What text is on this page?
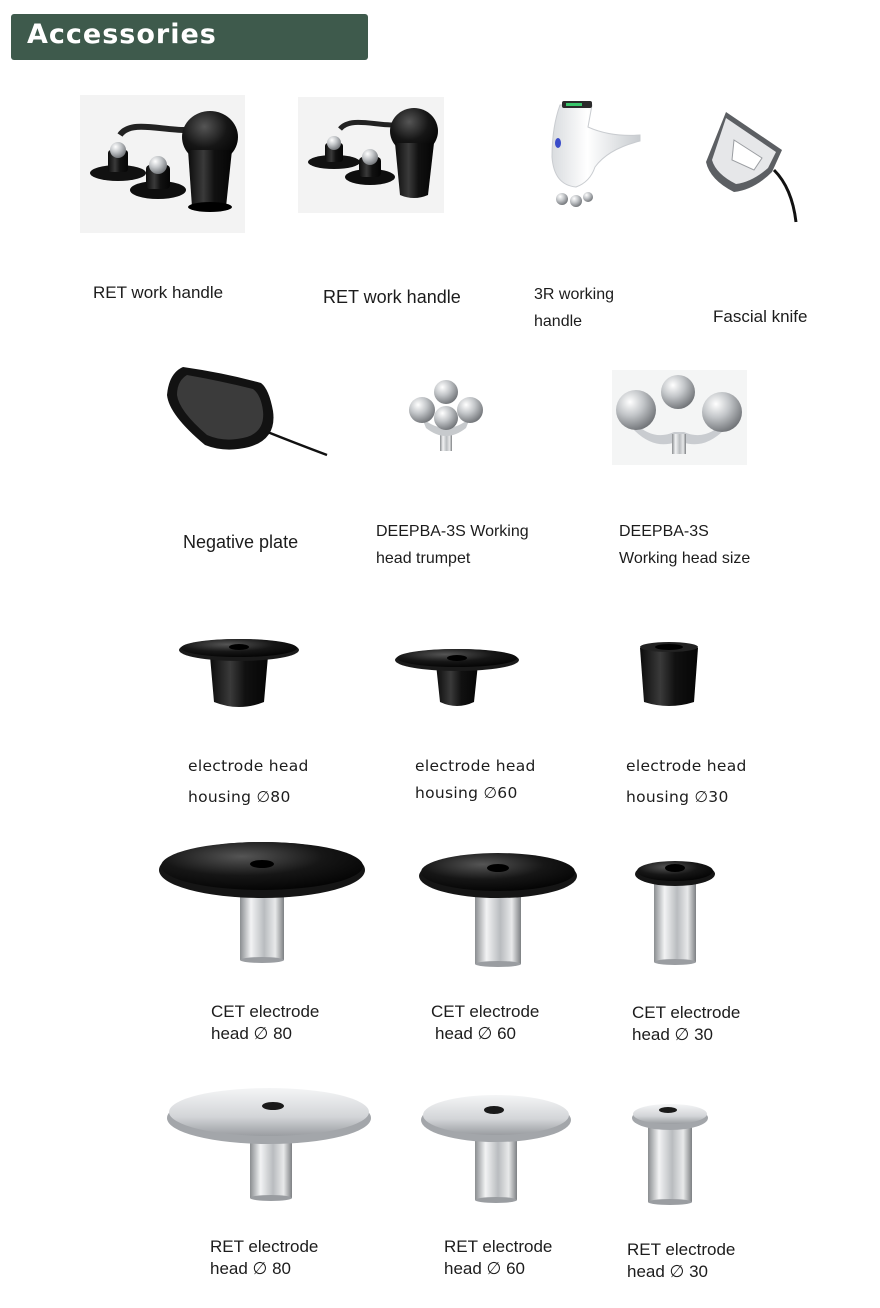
Accessories
RET work handle	RET work handle	3R working
handle	Fascial knife
Negative plate
DEEPBA-3S Working
head trumpet
DEEPBA-3S
Working head size
electrode head
housing ∅80
electrode head
housing ∅60
electrode head
housing ∅30
CET electrode
head ∅ 80
CET electrode
head ∅ 60
CET electrode
head ∅ 30
RET electrode
head ∅ 80
RET electrode
head ∅ 60
RET electrode
head ∅ 30
